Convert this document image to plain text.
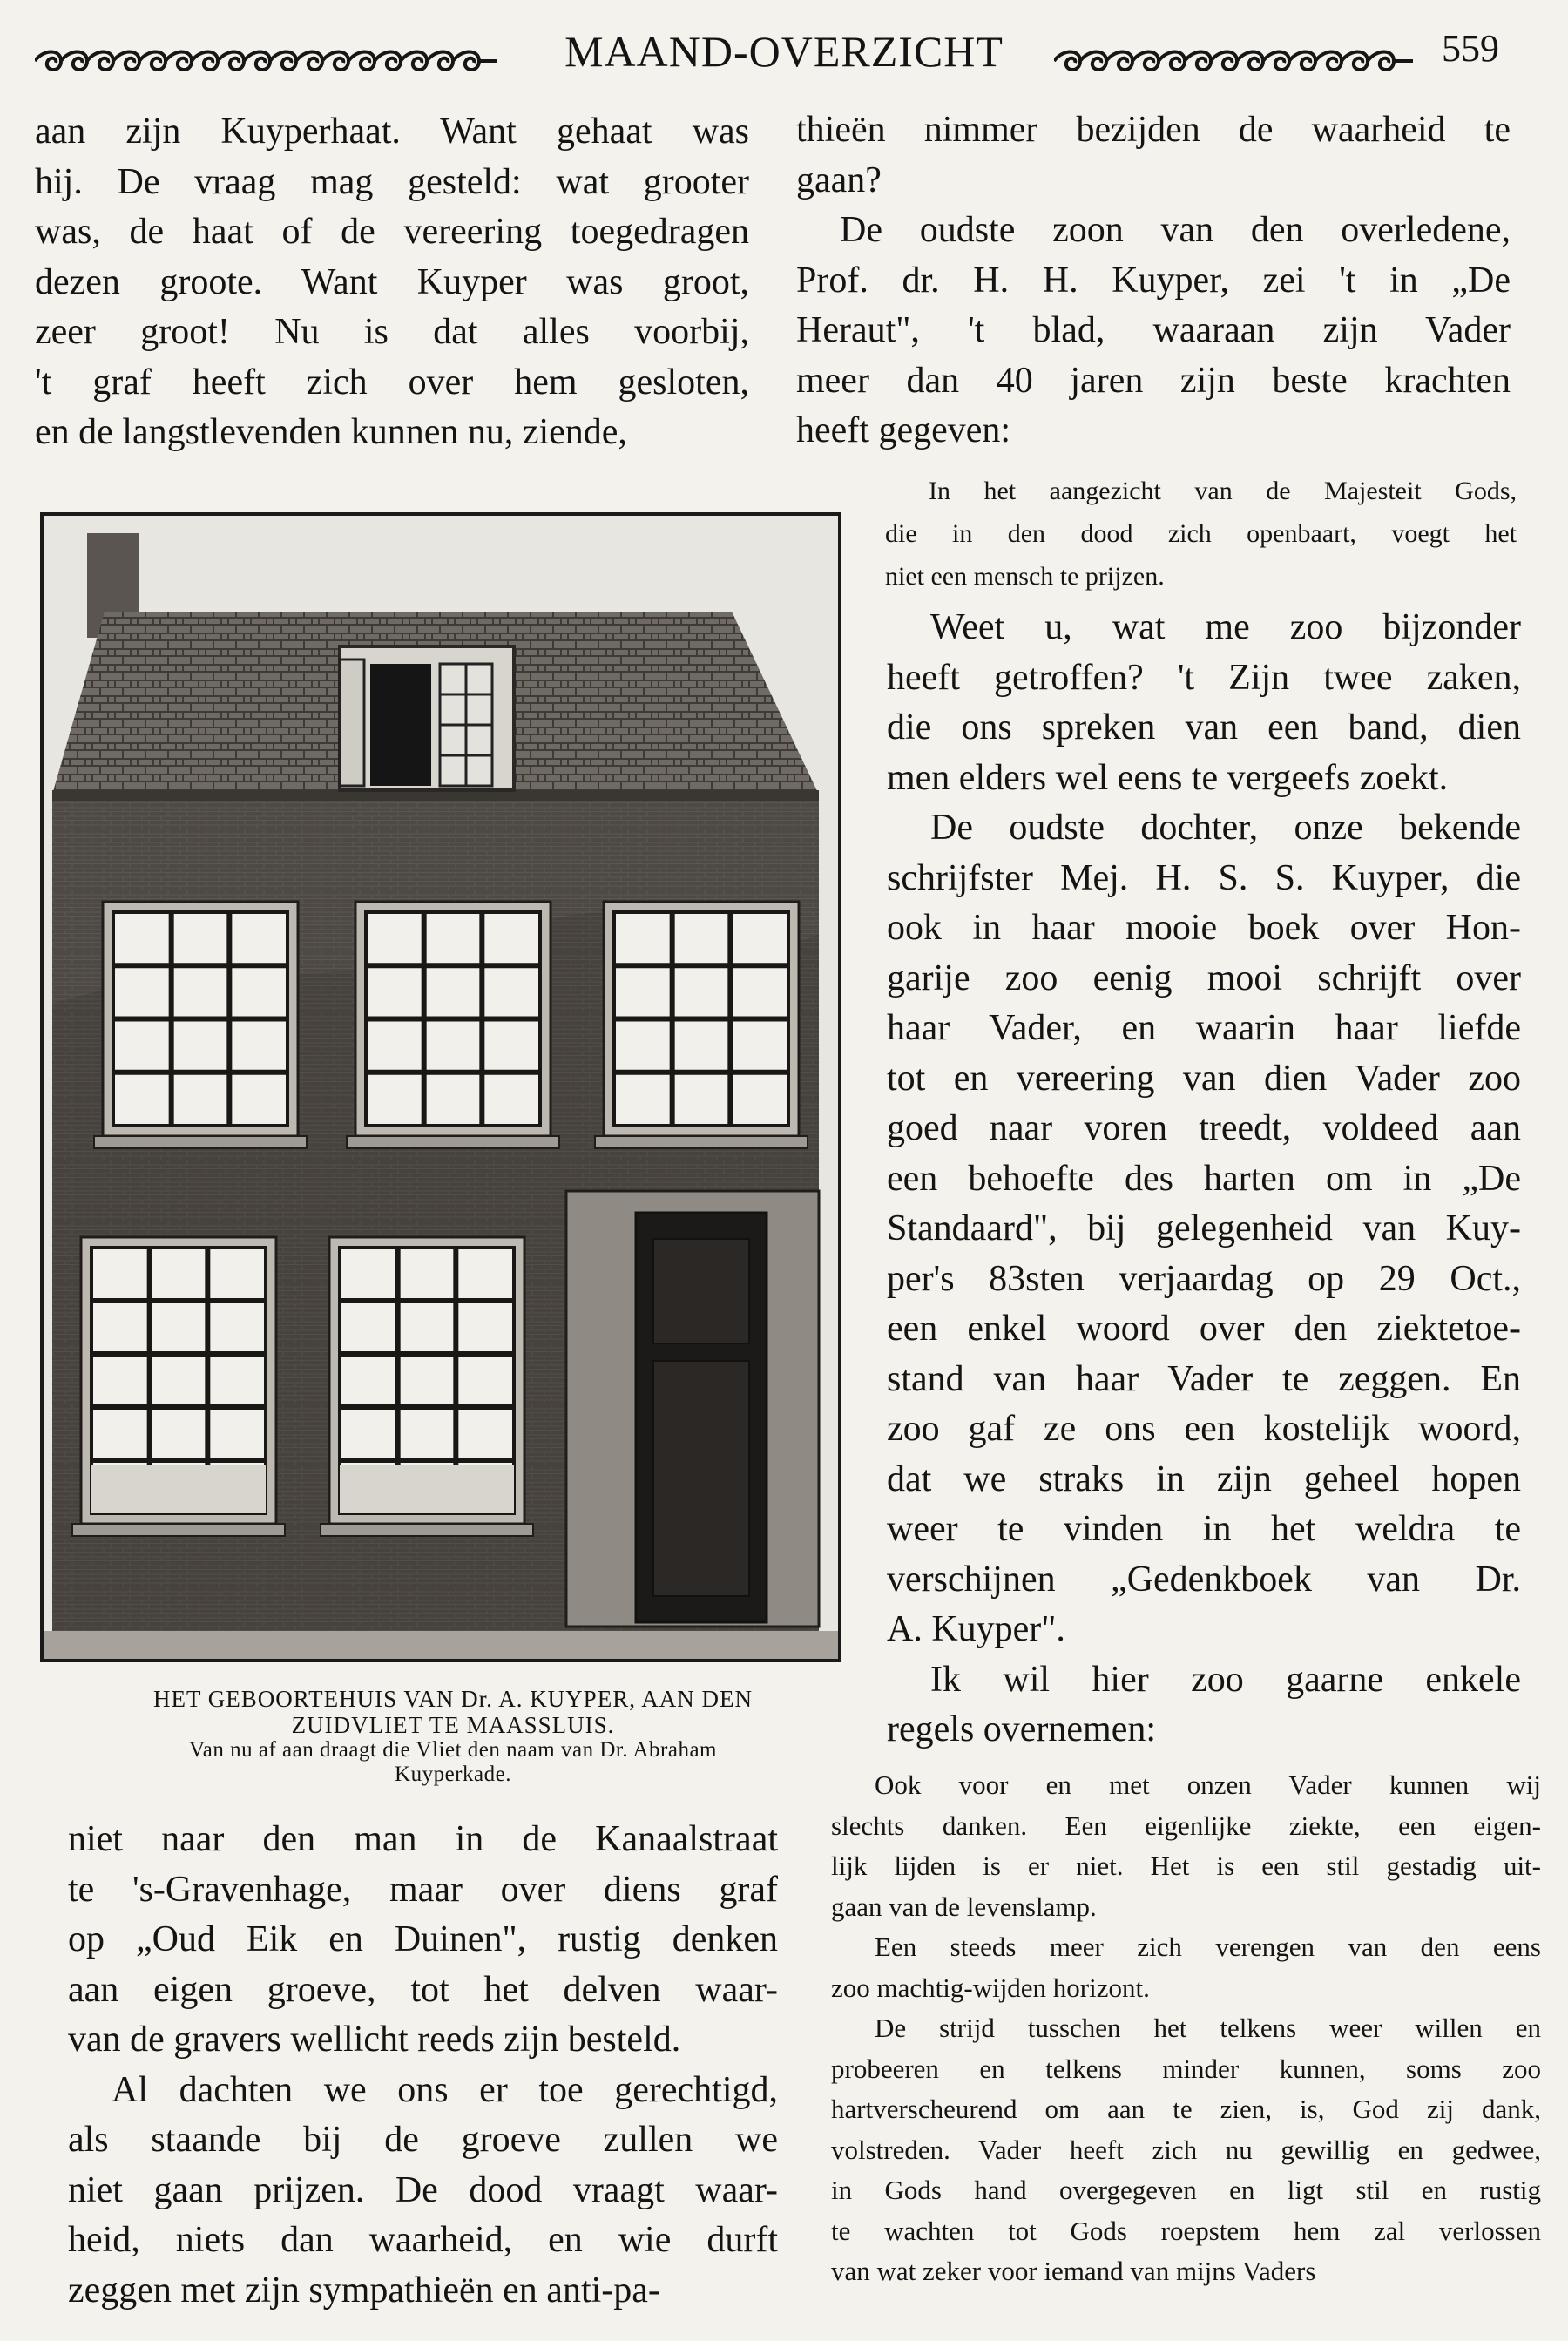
MAAND-OVERZICHT	559
aan zijn Kuyperhaat. Want gehaat was
hij. De vraag mag gesteld: wat grooter
was, de haat of de vereering toegedragen
dezen groote. Want Kuyper was groot,
zeer groot! Nu is dat alles voorbij,
't graf heeft zich over hem gesloten,
en de langstlevenden kunnen nu, ziende,
HET GEBOORTEHUIS VAN Dr. A. KUYPER, AAN DEN
ZUIDVLIET TE MAASSLUIS.
Van nu af aan draagt die Vliet den naam van Dr. Abraham
Kuyperkade.
niet naar den man in de Kanaalstraat
te 's-Gravenhage, maar over diens graf
op „Oud Eik en Duinen", rustig denken
aan eigen groeve, tot het delven waar-
van de gravers wellicht reeds zijn besteld.
Al dachten we ons er toe gerechtigd,
als staande bij de groeve zullen we
niet gaan prijzen. De dood vraagt waar-
heid, niets dan waarheid, en wie durft
zeggen met zijn sympathieën en anti-pa-
thieën nimmer bezijden de waarheid te
gaan?
De oudste zoon van den overledene,
Prof. dr. H. H. Kuyper, zei 't in „De
Heraut", 't blad, waaraan zijn Vader
meer dan 40 jaren zijn beste krachten
heeft gegeven:
In het aangezicht van de Majesteit Gods,
die in den dood zich openbaart, voegt het
niet een mensch te prijzen.
Weet u, wat me zoo bijzonder
heeft getroffen? 't Zijn twee zaken,
die ons spreken van een band, dien
men elders wel eens te vergeefs zoekt.
De oudste dochter, onze bekende
schrijfster Mej. H. S. S. Kuyper, die
ook in haar mooie boek over Hon-
garije zoo eenig mooi schrijft over
haar Vader, en waarin haar liefde
tot en vereering van dien Vader zoo
goed naar voren treedt, voldeed aan
een behoefte des harten om in „De
Standaard", bij gelegenheid van Kuy-
per's 83sten verjaardag op 29 Oct.,
een enkel woord over den ziektetoe-
stand van haar Vader te zeggen. En
zoo gaf ze ons een kostelijk woord,
dat we straks in zijn geheel hopen
weer te vinden in het weldra te
verschijnen „Gedenkboek van Dr.
A. Kuyper".
Ik wil hier zoo gaarne enkele
regels overnemen:
Ook voor en met onzen Vader kunnen wij
slechts danken. Een eigenlijke ziekte, een eigen-
lijk lijden is er niet. Het is een stil gestadig uit-
gaan van de levenslamp.
Een steeds meer zich verengen van den eens
zoo machtig-wijden horizont.
De strijd tusschen het telkens weer willen en
probeeren en telkens minder kunnen, soms zoo
hartverscheurend om aan te zien, is, God zij dank,
volstreden. Vader heeft zich nu gewillig en gedwee,
in Gods hand overgegeven en ligt stil en rustig
te wachten tot Gods roepstem hem zal verlossen
van wat zeker voor iemand van mijns Vaders
